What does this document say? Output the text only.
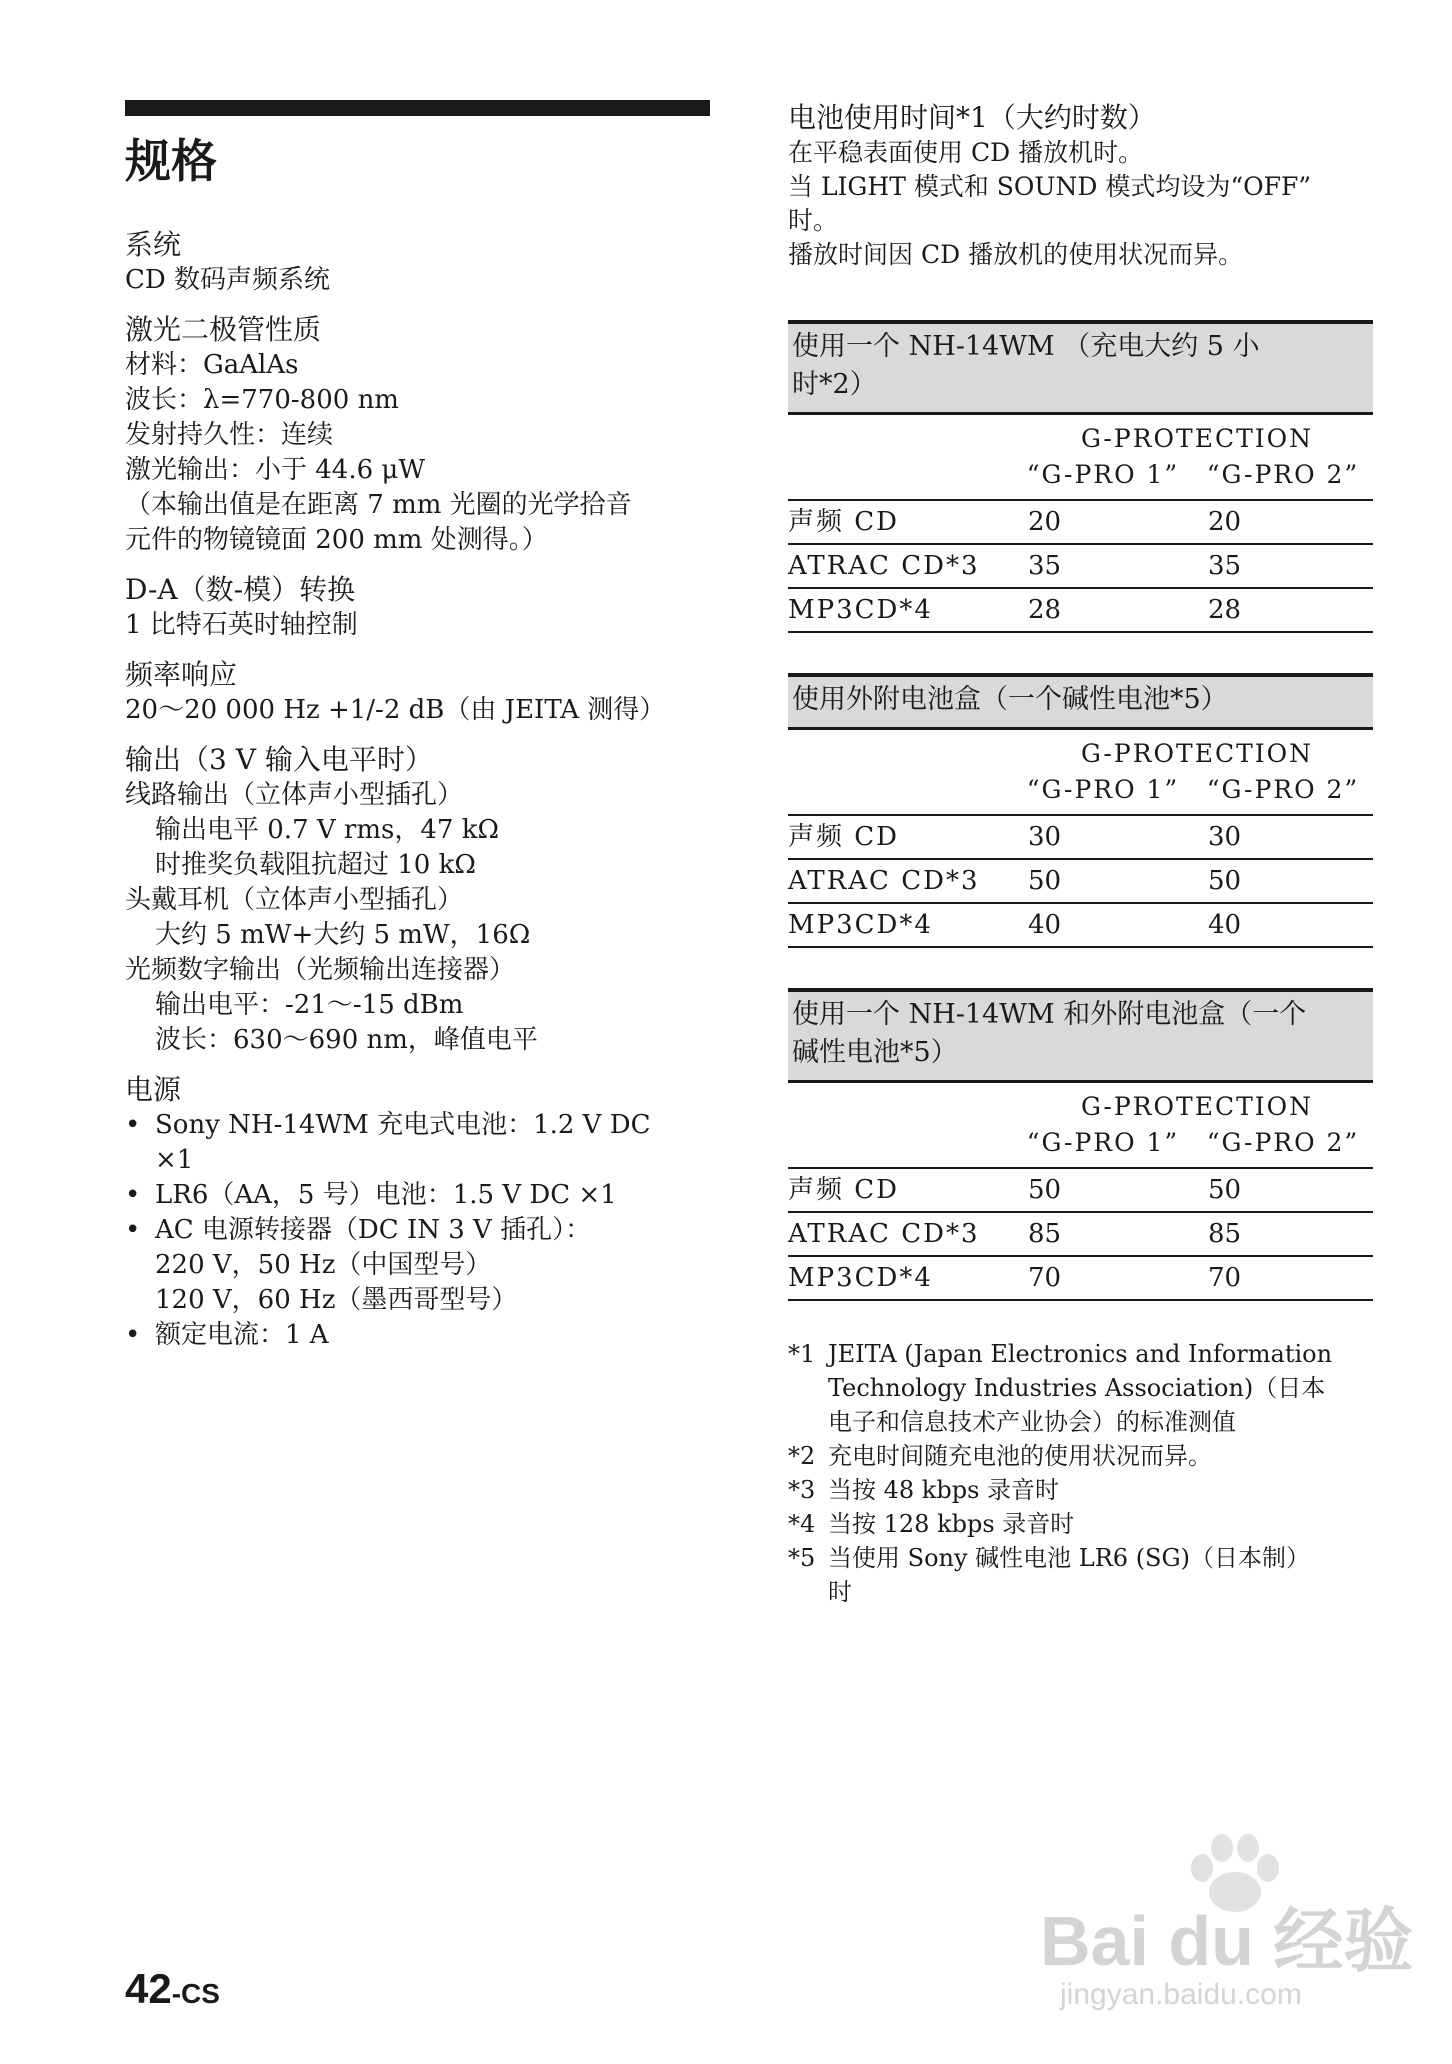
规格

系统

CD 数码声频系统

激光二极管性质

材料：GaAlAs

波长：λ=770-800 nm

发射持久性：连续

激光输出：小于 44.6 μW

（本输出值是在距离 7 mm 光圈的光学拾音

元件的物镜镜面 200 mm 处测得。）

D-A（数-模）转换

1 比特石英时轴控制

频率响应

20～20 000 Hz +1/-2 dB（由 JEITA 测得）

输出（3 V 输入电平时）

线路输出（立体声小型插孔）

输出电平 0.7 V rms，47 kΩ

时推奖负载阻抗超过 10 kΩ

头戴耳机（立体声小型插孔）

大约 5 mW+大约 5 mW，16Ω

光频数字输出（光频输出连接器）

输出电平：-21～-15 dBm

波长：630～690 nm，峰值电平

电源

• Sony NH-14WM 充电式电池：1.2 V DC
×1
• LR6（AA，5 号）电池：1.5 V DC ×1
• AC 电源转接器（DC IN 3 V 插孔）：
220 V，50 Hz（中国型号）
120 V，60 Hz（墨西哥型号）
• 额定电流：1 A

电池使用时间*1（大约时数）

在平稳表面使用 CD 播放机时。

当 LIGHT 模式和 SOUND 模式均设为“OFF”

时。

播放时间因 CD 播放机的使用状况而异。

使用一个 NH-14WM （充电大约 5 小
时*2）
G-PROTECTION
“G-PRO 1”	“G-PRO 2”
声频 CD	20	20
ATRAC CD*3	35	35
MP3CD*4	28	28
使用外附电池盒（一个碱性电池*5）
G-PROTECTION
“G-PRO 1”	“G-PRO 2”
声频 CD	30	30
ATRAC CD*3	50	50
MP3CD*4	40	40
使用一个 NH-14WM 和外附电池盒（一个
碱性电池*5）
G-PROTECTION
“G-PRO 1”	“G-PRO 2”
声频 CD	50	50
ATRAC CD*3	85	85
MP3CD*4	70	70
*1 JEITA (Japan Electronics and Information
Technology Industries Association)（日本
电子和信息技术产业协会）的标准测值
*2 充电时间随充电池的使用状况而异。
*3 当按 48 kbps 录音时
*4 当按 128 kbps 录音时
*5 当使用 Sony 碱性电池 LR6 (SG)（日本制）
时
42-CS
Bai du 经验
jingyan.baidu.com
